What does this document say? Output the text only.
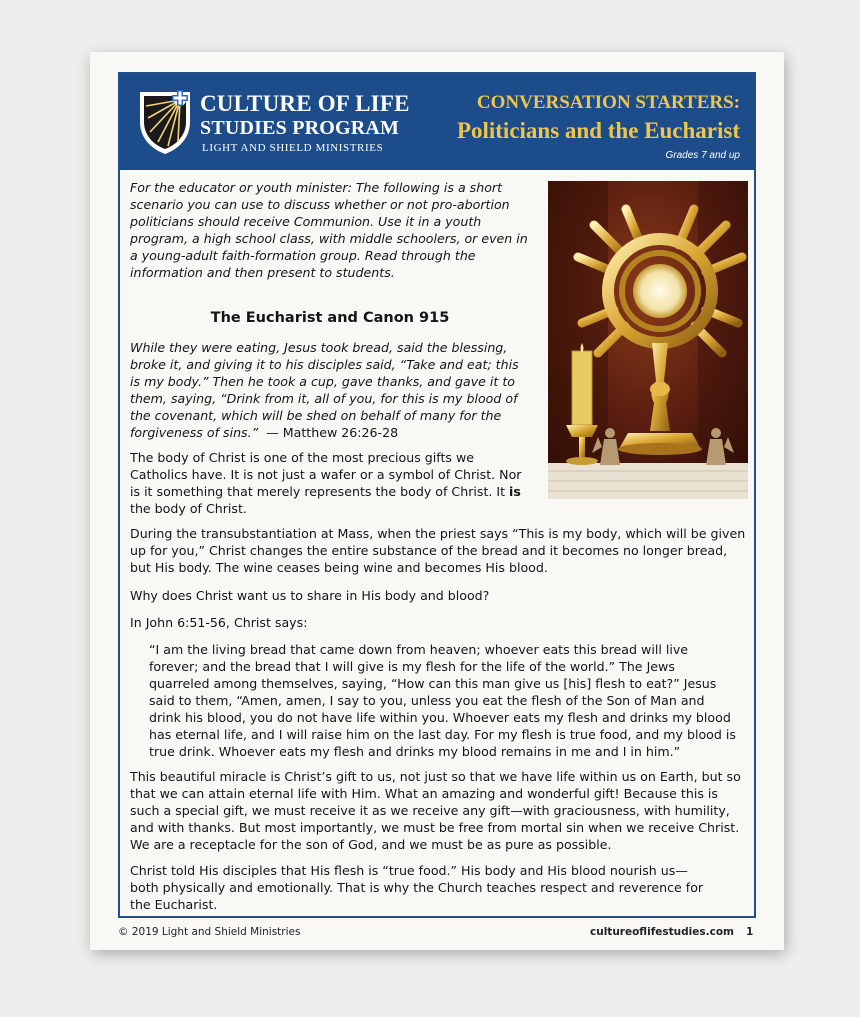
CULTURE OF LIFE
STUDIES PROGRAM
LIGHT AND SHIELD MINISTRIES
CONVERSATION STARTERS:
Politicians and the Eucharist
Grades 7 and up
For the educator or youth minister: The following is a short scenario you can use to discuss whether or not pro-abortion politicians should receive Communion. Use it in a youth program, a high school class, with middle schoolers, or even in a young-adult faith-formation group. Read through the information and then present to students.
The Eucharist and Canon 915
While they were eating, Jesus took bread, said the blessing, broke it, and giving it to his disciples said, “Take and eat; this is my body.” Then he took a cup, gave thanks, and gave it to them, saying, “Drink from it, all of you, for this is my blood of the covenant, which will be shed on behalf of many for the forgiveness of sins.” — Matthew 26:26-28
The body of Christ is one of the most precious gifts we Catholics have. It is not just a wafer or a symbol of Christ. Nor is it something that merely represents the body of Christ. It is the body of Christ.
During the transubstantiation at Mass, when the priest says “This is my body, which will be given up for you,” Christ changes the entire substance of the bread and it becomes no longer bread, but His body. The wine ceases being wine and becomes His blood.
Why does Christ want us to share in His body and blood?
In John 6:51-56, Christ says:
“I am the living bread that came down from heaven; whoever eats this bread will live forever; and the bread that I will give is my flesh for the life of the world.” The Jews quarreled among themselves, saying, “How can this man give us [his] flesh to eat?” Jesus said to them, “Amen, amen, I say to you, unless you eat the flesh of the Son of Man and drink his blood, you do not have life within you. Whoever eats my flesh and drinks my blood has eternal life, and I will raise him on the last day. For my flesh is true food, and my blood is true drink. Whoever eats my flesh and drinks my blood remains in me and I in him.”
This beautiful miracle is Christ’s gift to us, not just so that we have life within us on Earth, but so that we can attain eternal life with Him. What an amazing and wonderful gift! Because this is such a special gift, we must receive it as we receive any gift—with graciousness, with humility, and with thanks. But most importantly, we must be free from mortal sin when we receive Christ. We are a receptacle for the son of God, and we must be as pure as possible.
Christ told His disciples that His flesh is “true food.” His body and His blood nourish us—both physically and emotionally. That is why the Church teaches respect and reverence for the Eucharist.
© 2019 Light and Shield Ministries	cultureoflifestudies.com 1
